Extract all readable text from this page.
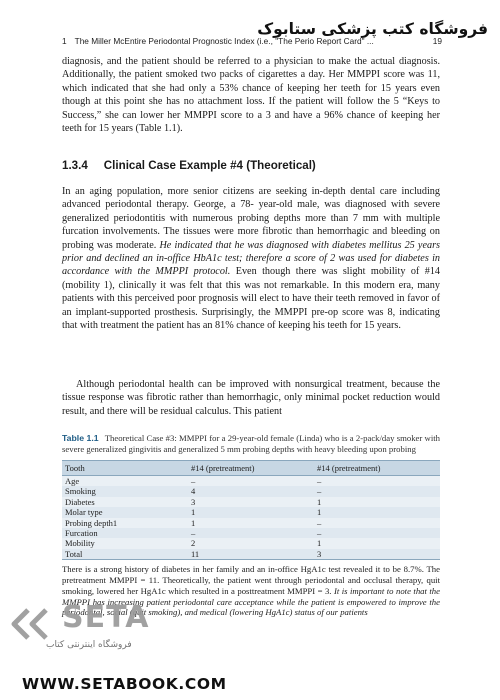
1 The Miller McEntire Periodontal Prognostic Index (i.e., "The Perio Report Card" ...	19
فروشگاه کتب پزشکی ستابوک

diagnosis, and the patient should be referred to a physician to make the actual diagnosis. Additionally, the patient smoked two packs of cigarettes a day. Her MMPPI score was 11, which indicated that she had only a 53% chance of keeping her teeth for 15 years even though at this point she has no attachment loss. If the patient will follow the 5 “Keys to Success,” she can lower her MMPPI score to a 3 and have a 96% chance of keeping her teeth for 15 years (Table 1.1).

1.3.4 Clinical Case Example #4 (Theoretical)

In an aging population, more senior citizens are seeking in-depth dental care including advanced periodontal therapy. George, a 78- year-old male, was diagnosed with severe generalized periodontitis with numerous probing depths more than 7 mm with multiple furcation involvements. The tissues were more fibrotic than hemorrhagic and bleeding on probing was moderate. He indicated that he was diagnosed with diabetes mellitus 25 years prior and declined an in-office HbA1c test; therefore a score of 2 was used for diabetes in accordance with the MMPPI protocol. Even though there was slight mobility of #14 (mobility 1), clinically it was felt that this was not remarkable. In this modern era, many patients with this perceived poor prognosis will elect to have their teeth removed in favor of an implant-supported prosthesis. Surprisingly, the MMPPI pre-op score was 8, indicating that with treatment the patient has an 81% chance of keeping his teeth for 15 years.

Although periodontal health can be improved with nonsurgical treatment, because the tissue response was fibrotic rather than hemorrhagic, only minimal pocket reduction would result, and there will be residual calculus. This patient

Table 1.1 Theoretical Case #3: MMPPI for a 29-year-old female (Linda) who is a 2-pack/day smoker with severe generalized gingivitis and generalized 5 mm probing depths with heavy bleeding upon probing
Tooth	#14 (pretreatment)	#14 (pretreatment)
Age	–	–
Smoking	4	–
Diabetes	3	1
Molar type	1	1
Probing depth1	1	–
Furcation	–	–
Mobility	2	1
Total	11	3
There is a strong history of diabetes in her family and an in-office HgA1c test revealed it to be 8.7%. The pretreatment MMPPI = 11. Theoretically, the patient went through periodontal and occlusal therapy, quit smoking, lowered her HgA1c which resulted in a posttreatment MMPPI = 3. It is important to note that the MMPPI has increasing patient periodontal care acceptance while the patient is empowered to improve the periodontal, social (quit smoking), and medical (lowering HgA1c) status of our patients
SETA
فروشگاه اینترنتی کتاب
WWW.SETABOOK.COM
